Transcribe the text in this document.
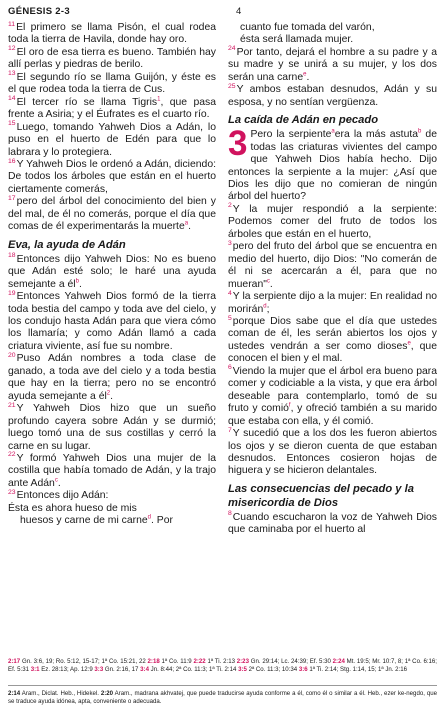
GÉNESIS 2-3	4

$^{11}$El primero se llama Pisón, el cual rodea toda la tierra de Havila, donde hay oro.

$^{12}$El oro de esa tierra es bueno. También hay allí perlas y piedras de berilo.

$^{13}$El segundo río se llama Guijón, y éste es el que rodea toda la tierra de Cus.

$^{14}$El tercer río se llama Tigris$^1$, que pasa frente a Asiria; y el Éufrates es el cuarto río.

$^{15}$Luego, tomando Yahweh Dios a Adán, lo puso en el huerto de Edén para que lo labrara y lo protegiera.

$^{16}$Y Yahweh Dios le ordenó a Adán, diciendo: De todos los árboles que están en el huerto ciertamente comerás,

$^{17}$pero del árbol del conocimiento del bien y del mal, de él no comerás, porque el día que comas de él experimentarás la muerte$^a$.

Eva, la ayuda de Adán

$^{18}$Entonces dijo Yahweh Dios: No es bueno que Adán esté solo; le haré una ayuda semejante a él$^b$.

$^{19}$Entonces Yahweh Dios formó de la tierra toda bestia del campo y toda ave del cielo, y los condujo hasta Adán para que viera cómo los llamaría; y como Adán llamó a cada criatura viviente, así fue su nombre.

$^{20}$Puso Adán nombres a toda clase de ganado, a toda ave del cielo y a toda bestia que hay en la tierra; pero no se encontró ayuda semejante a él$^2$.

$^{21}$Y Yahweh Dios hizo que un sueño profundo cayera sobre Adán y se durmió; luego tomó una de sus costillas y cerró la carne en su lugar.

$^{22}$Y formó Yahweh Dios una mujer de la costilla que había tomado de Adán, y la trajo ante Adán$^c$.

$^{23}$Entonces dijo Adán:
Ésta es ahora hueso de mis

huesos y carne de mi carne$^d$. Por

cuanto fue tomada del varón,
ésta será llamada mujer.

$^{24}$Por tanto, dejará el hombre a su padre y a su madre y se unirá a su mujer, y los dos serán una carne$^e$.

$^{25}$Y ambos estaban desnudos, Adán y su esposa, y no sentían vergüenza.

La caída de Adán en pecado

3 Pero la serpiente$^a$era la más astuta$^b$ de todas las criaturas vivientes del campo que Yahweh Dios había hecho. Dijo entonces la serpiente a la mujer: ¿Así que Dios les dijo que no comieran de ningún árbol del huerto?

$^2$Y la mujer respondió a la serpiente: Podemos comer del fruto de todos los árboles que están en el huerto,

$^3$pero del fruto del árbol que se encuentra en medio del huerto, dijo Dios: "No comerán de él ni se acercarán a él, para que no mueran"$^c$.

$^4$Y la serpiente dijo a la mujer: En realidad no morirán$^d$;

$^5$porque Dios sabe que el día que ustedes coman de él, les serán abiertos los ojos y ustedes vendrán a ser como dioses$^e$, que conocen el bien y el mal.

$^6$Viendo la mujer que el árbol era bueno para comer y codiciable a la vista, y que era árbol deseable para contemplarlo, tomó de su fruto y comió$^f$, y ofreció también a su marido que estaba con ella, y él comió.

$^7$Y sucedió que a los dos les fueron abiertos los ojos y se dieron cuenta de que estaban desnudos. Entonces cosieron hojas de higuera y se hicieron delantales.

Las consecuencias del pecado y la misericordia de Dios

$^8$Cuando escucharon la voz de Yahweh Dios que caminaba por el huerto al

2:17 Gn. 3:6, 19; Ro. 5:12, 15-17; 1ª Co. 15:21, 22 2:18 1ª Co. 11:9 2:22 1ª Ti. 2:13 2:23 Gn. 29:14; Lc. 24:39; Ef. 5:30 2:24 Mt. 19:5; Mr. 10:7, 8; 1ª Co. 6:16; Ef. 5:31 3:1 Ez. 28:13; Ap. 12:9 3:3 Gn. 2:16, 17 3:4 Jn. 8:44; 2ª Co. 11:3; 1ª Ti. 2:14 3:5 2ª Co. 11:3; 10:34 3:6 1ª Ti. 2:14; Stg. 1:14, 15; 1ª Jn. 2:16
2:14 Aram., Diclat. Heb., Hidekel. 2:20 Aram., madrana akhvatej, que puede traducirse ayuda conforme a él, como él o similar a él. Heb., ezer ke-negdo, que se traduce ayuda idónea, apta, conveniente o adecuada.
